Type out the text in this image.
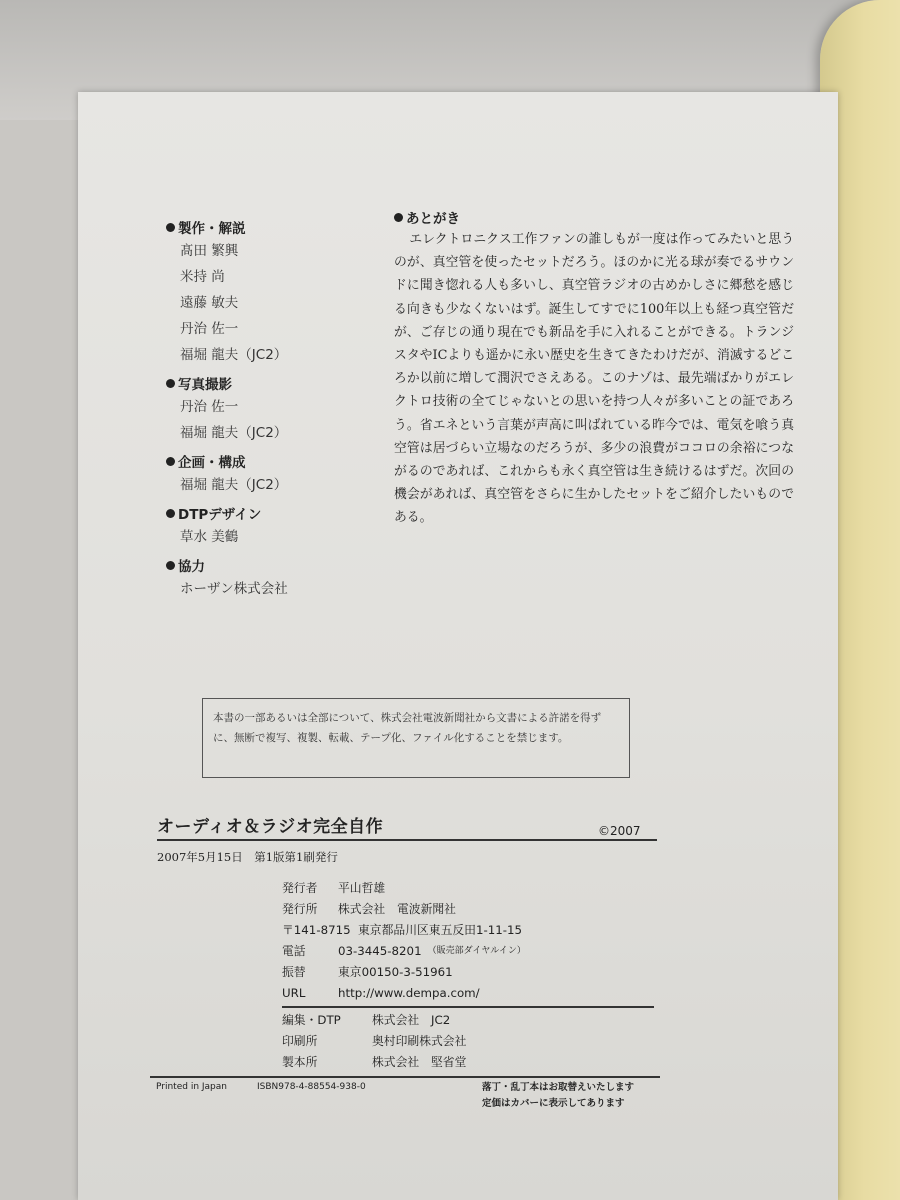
製作・解説
髙田 繁興
米持 尚
遠藤 敏夫
丹治 佐一
福堀 龍夫（JC2）
写真撮影
丹治 佐一
福堀 龍夫（JC2）
企画・構成
福堀 龍夫（JC2）
DTPデザイン
草水 美鶴
協力
ホーザン株式会社
あとがき
エレクトロニクス工作ファンの誰しもが一度は作ってみたいと思うのが、真空管を使ったセットだろう。ほのかに光る球が奏でるサウンドに聞き惚れる人も多いし、真空管ラジオの古めかしさに郷愁を感じる向きも少なくないはず。誕生してすでに100年以上も経つ真空管だが、ご存じの通り現在でも新品を手に入れることができる。トランジスタやICよりも遥かに永い歴史を生きてきたわけだが、消滅するどころか以前に増して潤沢でさえある。このナゾは、最先端ばかりがエレクトロ技術の全てじゃないとの思いを持つ人々が多いことの証であろう。省エネという言葉が声高に叫ばれている昨今では、電気を喰う真空管は居づらい立場なのだろうが、多少の浪費がココロの余裕につながるのであれば、これからも永く真空管は生き続けるはずだ。次回の機会があれば、真空管をさらに生かしたセットをご紹介したいものである。
本書の一部あるいは全部について、株式会社電波新聞社から文書による許諾を得ずに、無断で複写、複製、転載、テープ化、ファイル化することを禁じます。
オーディオ＆ラジオ完全自作	©2007
2007年5月15日　第1版第1刷発行
発行者	平山哲雄
発行所	株式会社　電波新聞社
〒141-8715 東京都品川区東五反田1-11-15
電話	03-3445-8201 （販売部ダイヤルイン）
振替	東京00150-3-51961
URL	http://www.dempa.com/
編集・DTP	株式会社　JC2
印刷所	奥村印刷株式会社
製本所	株式会社　堅省堂
Printed in Japan	ISBN978-4-88554-938-0	落丁・乱丁本はお取替えいたします
定価はカバーに表示してあります
